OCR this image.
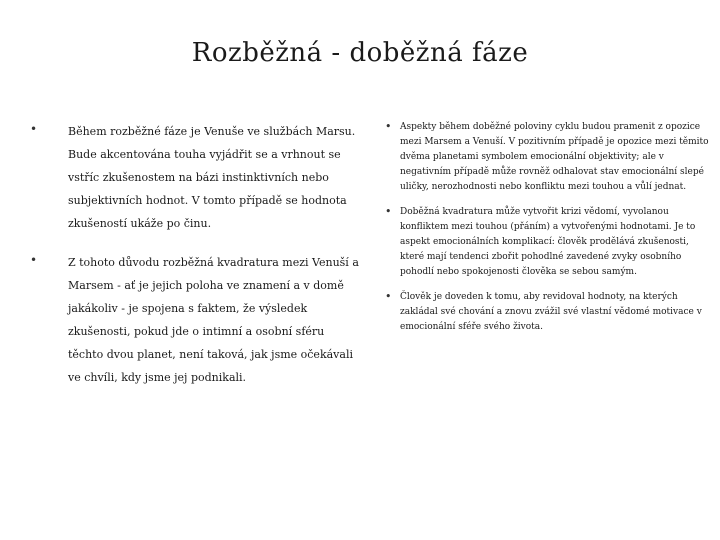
Rozběžná - doběžná fáze
•	Během rozběžné fáze je Venuše ve službách Marsu. Bude akcentována touha vyjádřit se a vrhnout se vstříc zkušenostem na bázi instinktivních nebo subjektivních hodnot. V tomto případě se hodnota zkušeností ukáže po činu.
•	Z tohoto důvodu rozběžná kvadratura mezi Venuší a Marsem - ať je jejich poloha ve znamení a v domě jakákoliv - je spojena s faktem, že výsledek zkušenosti, pokud jde o intimní a osobní sféru těchto dvou planet, není taková, jak jsme očekávali ve chvíli, kdy jsme jej podnikali.
• Aspekty během doběžné poloviny cyklu budou pramenit z opozice mezi Marsem a Venuší. V pozitivním případě je opozice mezi těmito dvěma planetami symbolem emocionální objektivity; ale v negativním případě může rovněž odhalovat stav emocionální slepé uličky, nerozhodnosti nebo konfliktu mezi touhou a vůlí jednat.
• Doběžná kvadratura může vytvořit krizi vědomí, vyvolanou konfliktem mezi touhou (přáním) a vytvořenými hodnotami. Je to aspekt emocionálních komplikací: člověk prodělává zkušenosti, které mají tendenci zbořit pohodlné zavedené zvyky osobního pohodlí nebo spokojenosti člověka se sebou samým.
• Člověk je doveden k tomu, aby revidoval hodnoty, na kterých zakládal své chování a znovu zvážil své vlastní vědomé motivace v emocionální sféře svého života.
